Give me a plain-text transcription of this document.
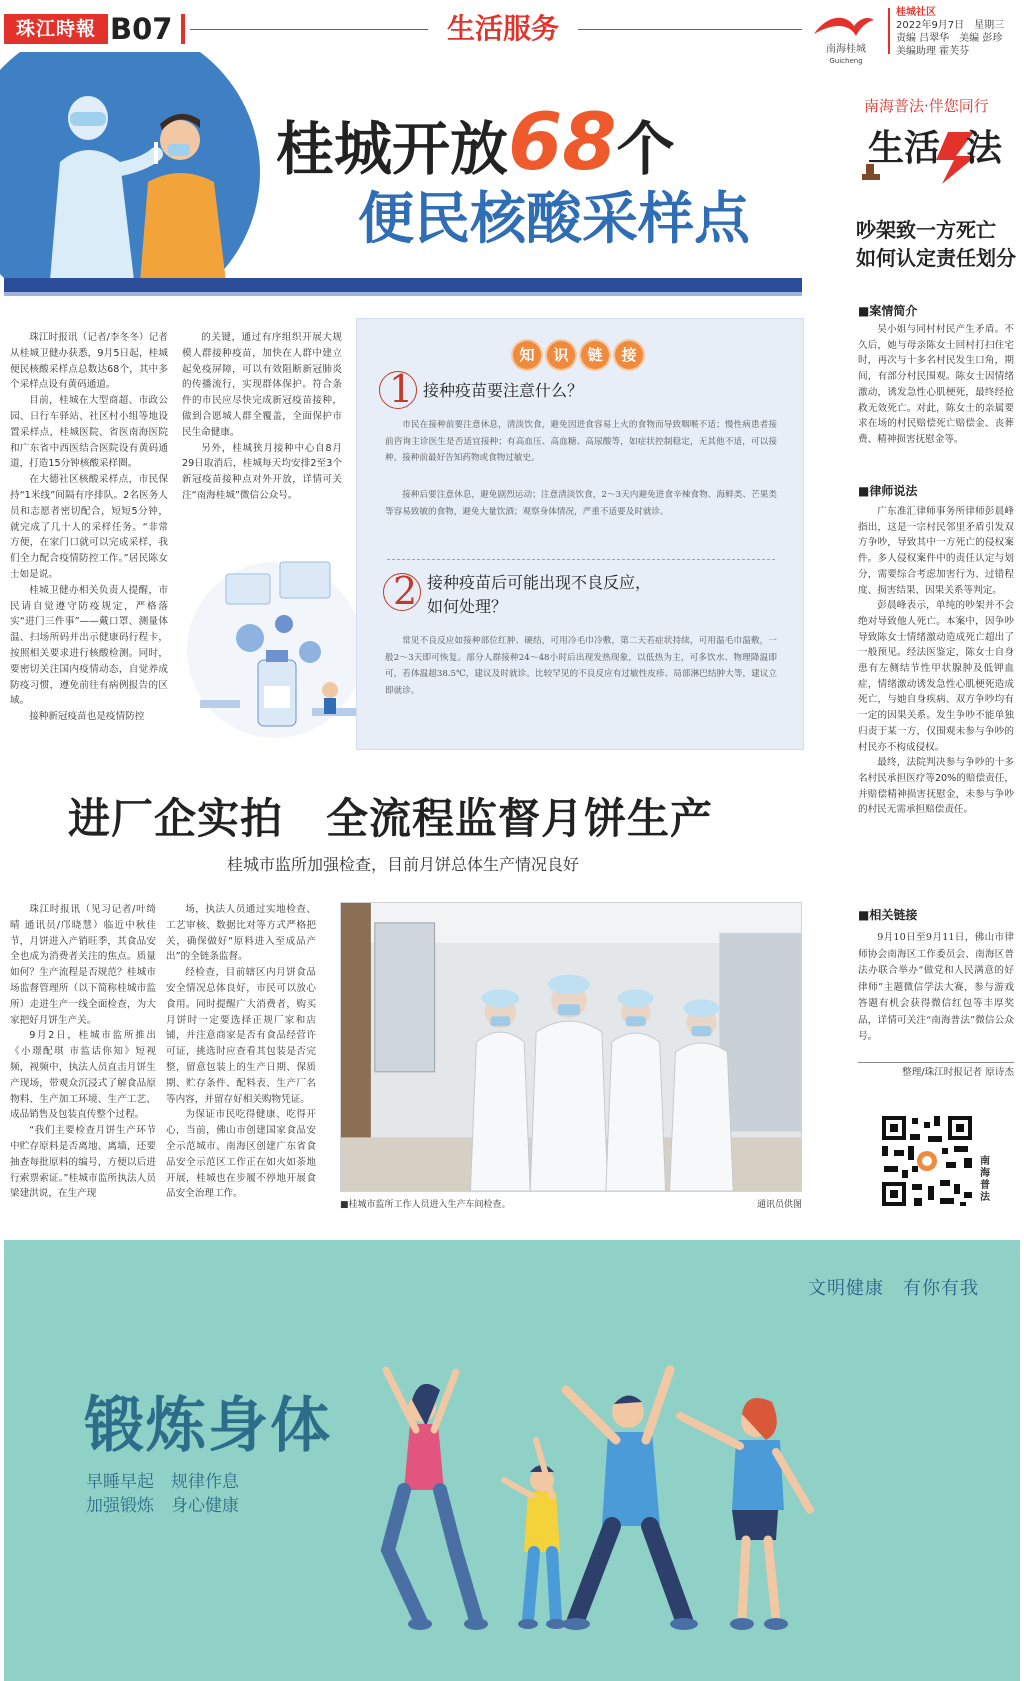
珠江時報 B07	生活服务
南海桂城
Guicheng
桂城社区
2022年9月7日　星期三
责编 吕翠华　美编 彭珍
美编助理 霍芙芬
桂城开放68个
便民核酸采样点

珠江时报讯（记者/李冬冬）记者从桂城卫健办获悉，9月5日起，桂城便民核酸采样点总数达68个，其中多个采样点设有黄码通道。

目前，桂城在大型商超、市政公园、日行车驿站、社区村小组等地设置采样点，桂城医院、省医南海医院和广东省中西医结合医院设有黄码通道，打造15分钟核酸采样圈。

在大德社区核酸采样点，市民保持“1米线”间隔有序排队。2名医务人员和志愿者密切配合，短短5分钟，就完成了几十人的采样任务。“非常方便，在家门口就可以完成采样，我们全力配合疫情防控工作。”居民陈女士如是说。

桂城卫健办相关负责人提醒，市民请自觉遵守防疫规定，严格落实“进门三件事”——戴口罩、测量体温、扫场所码并出示健康码行程卡，按照相关要求进行核酸检测。同时，要密切关注国内疫情动态，自觉养成防疫习惯，遵免前往有病例报告的区域。

接种新冠疫苗也是疫情防控

的关键，通过有序组织开展大规模人群接种疫苗，加快在人群中建立起免疫屏障，可以有效阻断新冠肺炎的传播流行，实现群体保护。符合条件的市民应尽快完成新冠疫苗接种，做到合愿城人群全覆盖，全面保护市民生命健康。

另外，桂城狭月接种中心自8月29日取消后，桂城每天均安排2至3个新冠疫苗接种点对外开放，详情可关注“南海桂城”微信公众号。

知	识	链	接
1 接种疫苗要注意什么？
市民在接种前要注意休息，清淡饮食，避免因进食容易上火的食物而导致咽喉不适；慢性病患者接前咨询主诊医生是否适宜接种；有高血压、高血糖、高尿酸等，如症状控制稳定，无其他不适，可以接种。接种前最好告知药物或食物过敏史。
接种后要注意休息，避免剧烈运动；注意清淡饮食，2～3天内避免进食辛辣食物、海鲜类、芒果类等容易致敏的食物，避免大量饮酒；观察身体情况，严重不适要及时就诊。
2 接种疫苗后可能出现不良反应，
如何处理？
常见不良反应如接种部位红肿、硬结，可用冷毛巾冷敷，第二天若症状持续，可用温毛巾温敷，一般2～3天即可恢复。部分人群接种24～48小时后出现发热现象，以低热为主，可多饮水、物理降温即可，若体温超38.5℃，建议及时就诊。比较罕见的不良反应有过敏性皮疹、局部淋巴结肿大等，建议立即就诊。
进厂企实拍　全流程监督月饼生产
桂城市监所加强检查，目前月饼总体生产情况良好

珠江时报讯（见习记者/叶绮晴 通讯员/邝晓慧）临近中秋佳节，月饼进入产销旺季，其食品安全也成为消费者关注的焦点。质量如何？生产流程是否规范？桂城市场监督管理所（以下简称桂城市监所）走进生产一线全面检查，为大家把好月饼生产关。

9月2日，桂城市监所推出《小璟配琪 市监话你知》短视频，视频中，执法人员直击月饼生产现场，带观众沉浸式了解食品原物料、生产加工环境、生产工艺、成品销售及包装直传整个过程。

“我们主要检查月饼生产环节中贮存原料是否离地、离墙，还要抽查每批原料的编号，方便以后进行索票索证。”桂城市监所执法人员梁建洪说，在生产现

场，执法人员通过实地检查、工艺审核、数据比对等方式严格把关，确保做好“原料进入至成品产出”的全链条监督。

经检查，目前辖区内月饼食品安全情况总体良好，市民可以放心食用。同时提醒广大消费者，购买月饼时一定要选择正规厂家和店铺，并注意商家是否有食品经营许可证，挑选时应查看其包装是否完整，留意包装上的生产日期、保质期、贮存条件、配料表、生产厂名等内容，并留存好相关购物凭证。

为保证市民吃得健康、吃得开心，当前，佛山市创建国家食品安全示范城市、南海区创建广东省食品安全示范区工作正在如火如荼地开展，桂城也在步履不停地开展食品安全治理工作。

■桂城市监所工作人员进入生产车间检查。	通讯员供图
南海普法·伴您同行
生活 法
吵架致一方死亡
如何认定责任划分
■案情简介
吴小姐与同村村民产生矛盾。不久后，她与母亲陈女士回村打扫住宅时，再次与十多名村民发生口角，期间，有部分村民围观。陈女士因情绪激动，诱发急性心肌梗死，最终经抢救无效死亡。对此，陈女士的亲属要求在场的村民赔偿死亡赔偿金、丧葬费、精神损害抚慰金等。
■律师说法
广东准汇律师事务所律师彭晨峰指出，这是一宗村民邻里矛盾引发双方争吵，导致其中一方死亡的侵权案件。多人侵权案件中的责任认定与划分，需要综合考虑加害行为、过错程度、损害结果、因果关系等判定。
彭晨峰表示，单纯的吵架并不会绝对导致他人死亡。本案中，因争吵导致陈女士情绪激动造成死亡超出了一般预见。经法医鉴定，陈女士自身患有左侧结节性甲状腺肿及低钾血症，情绪激动诱发急性心肌梗死造成死亡，与她自身疾病、双方争吵均有一定的因果关系。发生争吵不能单独归责于某一方，仅围观未参与争吵的村民亦不构成侵权。
最终，法院判决参与争吵的十多名村民承担医疗等20%的赔偿责任，并赔偿精神损害抚慰金，未参与争吵的村民无需承担赔偿责任。
■相关链接
9月10日至9月11日，佛山市律师协会南海区工作委员会、南海区普法办联合举办“做党和人民满意的好律师”主题微信学法大赛，参与游戏答题有机会获得微信红包等丰厚奖品，详情可关注“南海普法”微信公众号。
整理/珠江时报记者 原诗杰
南海普法
文明健康　有你有我
锻炼身体
早睡早起　规律作息
加强锻炼　身心健康
